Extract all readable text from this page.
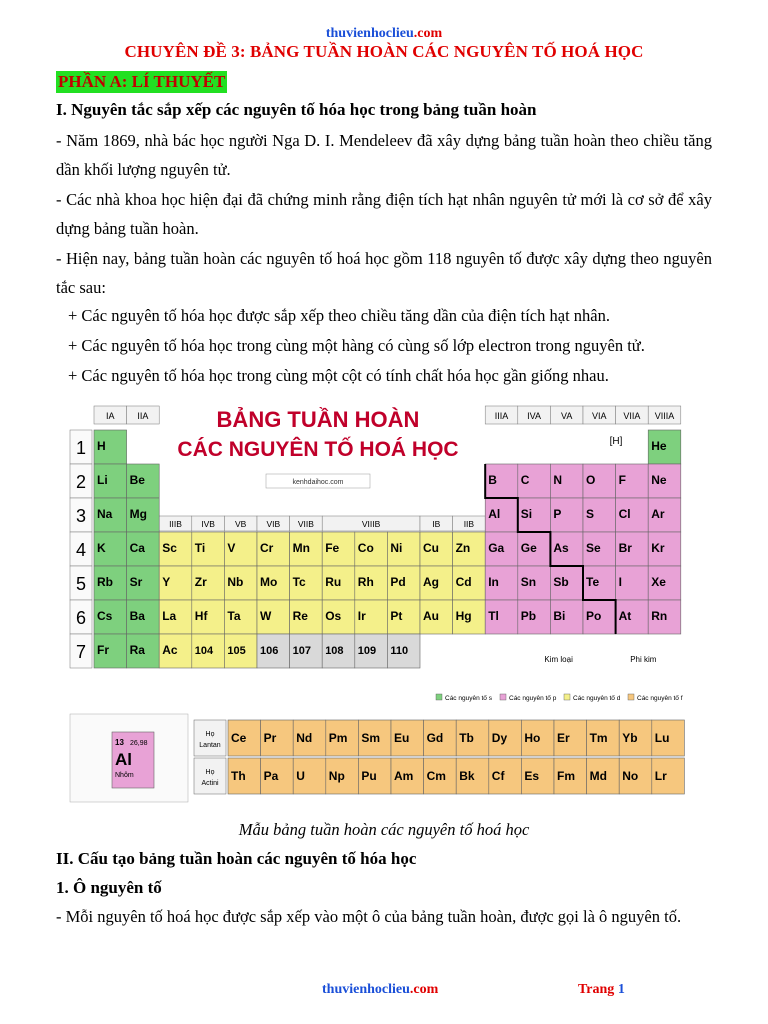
thuvienhoclieu.com
CHUYÊN ĐỀ 3: BẢNG TUẦN HOÀN CÁC NGUYÊN TỐ HOÁ HỌC
PHẦN A: LÍ THUYẾT
I. Nguyên tắc sắp xếp các nguyên tố hóa học trong bảng tuần hoàn
- Năm 1869, nhà bác học người Nga D. I. Mendeleev đã xây dựng bảng tuần hoàn theo chiều tăng dần khối lượng nguyên tử.
- Các nhà khoa học hiện đại đã chứng minh rằng điện tích hạt nhân nguyên tử mới là cơ sở để xây dựng bảng tuần hoàn.
- Hiện nay, bảng tuần hoàn các nguyên tố hoá học gồm 118 nguyên tố được xây dựng theo nguyên tắc sau:
+ Các nguyên tố hóa học được sắp xếp theo chiều tăng dần của điện tích hạt nhân.
+ Các nguyên tố hóa học trong cùng một hàng có cùng số lớp electron trong nguyên tử.
+ Các nguyên tố hóa học trong cùng một cột có tính chất hóa học gần giống nhau.
IA	IIA	IIIA IVA VA VIA VIIA VIIIA
IIIB IVB VB VIB VIIB	VIIIB	IB	IIB
1
2
3
4
5
6
7
H	He
Li Be	B C N O F Ne
Na Mg	Al Si P S Cl Ar
K Ca Sc Ti V Cr Mn Fe Co Ni Cu Zn Ga Ge As Se Br Kr
Rb Sr Y Zr Nb Mo Tc Ru Rh Pd Ag Cd In Sn Sb Te I Xe
Cs Ba La Hf Ta W Re Os Ir Pt Au Hg Tl Pb Bi Po At Rn
Fr Ra Ac 104 105 106 107 108 109 110
Kim loại	Phi kim
BẢNG TUẦN HOÀN
CÁC NGUYÊN TỐ HOÁ HỌC
kenhdaihoc.com
[H]
Họ
Lantan
Họ
Actini
Ce Pr Nd Pm Sm Eu Gd Tb Dy Ho Er Tm Yb Lu
Th Pa U Np Pu Am Cm Bk Cf Es Fm Md No Lr
13 26,98
Al
Nhôm
Các nguyên tố s	Các nguyên tố p	Các nguyên tố d	Các nguyên tố f
Mẫu bảng tuần hoàn các nguyên tố hoá học
II. Cấu tạo bảng tuần hoàn các nguyên tố hóa học
1. Ô nguyên tố
- Mỗi nguyên tố hoá học được sắp xếp vào một ô của bảng tuần hoàn, được gọi là ô nguyên tố.
thuvienhoclieu.com	Trang 1
